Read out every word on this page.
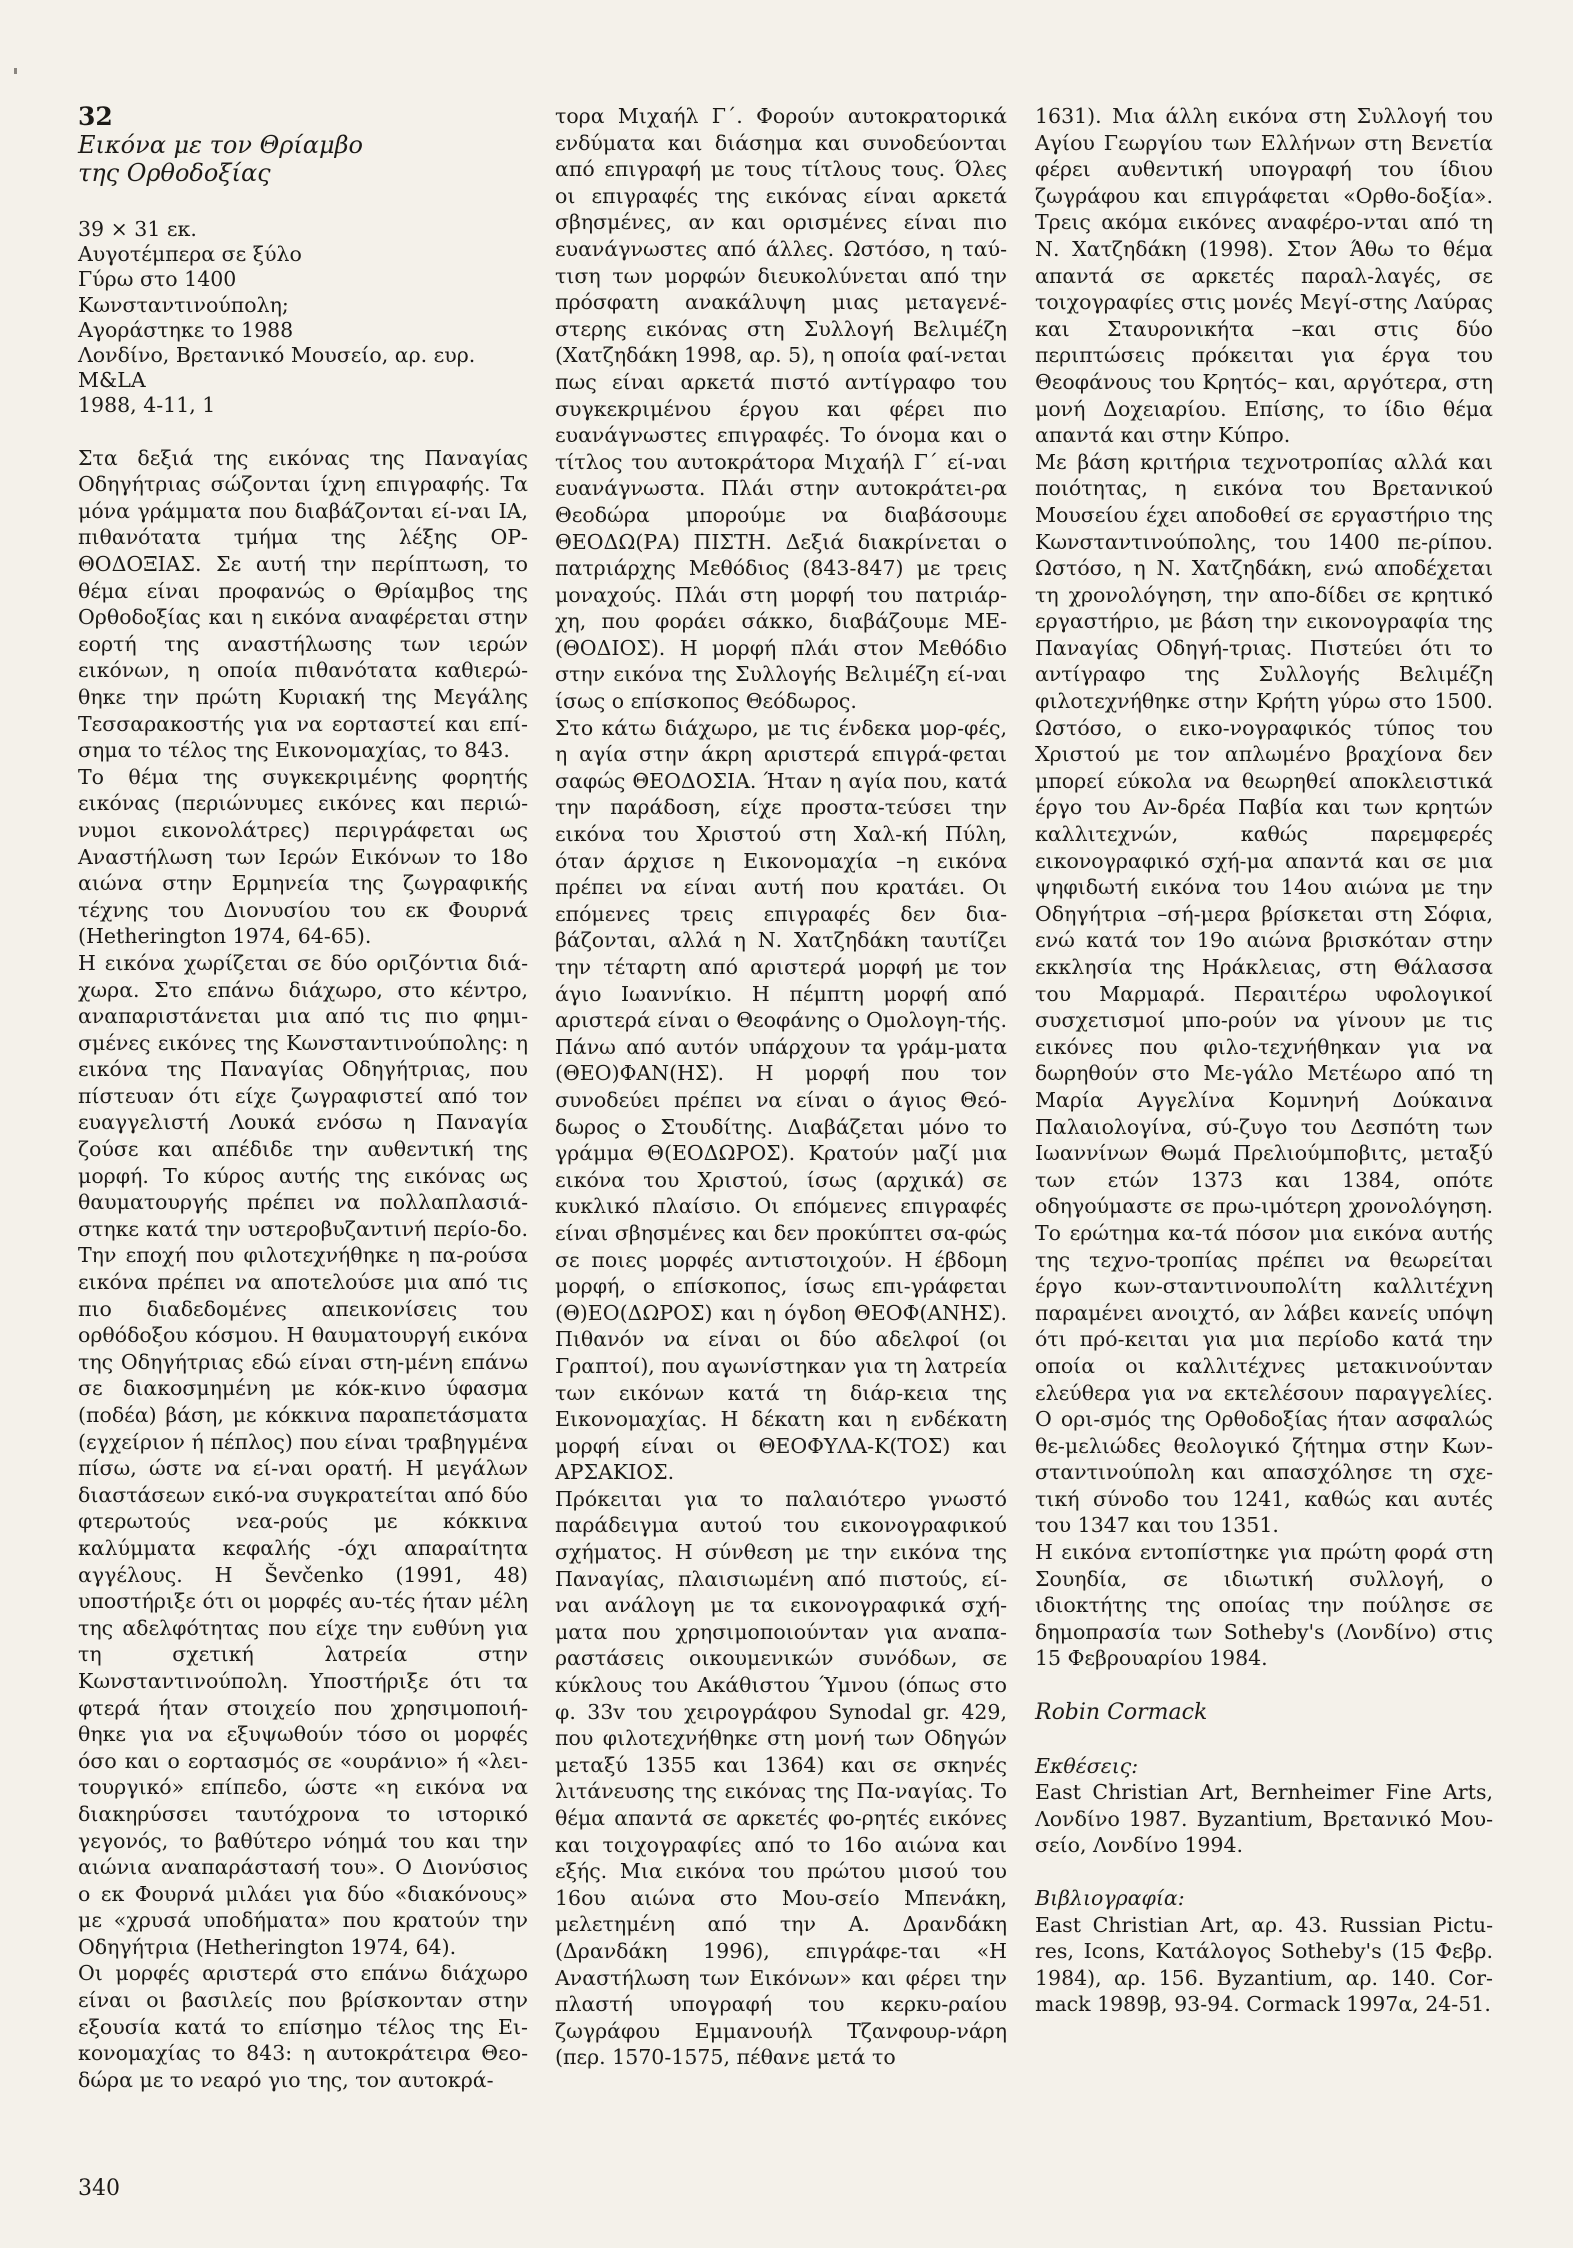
32

Εικόνα με τον Θρίαμβο

της Ορθοδοξίας

39 × 31 εκ.
Αυγοτέμπερα σε ξύλο
Γύρω στο 1400
Κωνσταντινούπολη;
Αγοράστηκε το 1988
Λονδίνο, Βρετανικό Μουσείο, αρ. ευρ. M&LA
1988, 4-11, 1

Στα δεξιά της εικόνας της Παναγίας Οδηγήτριας σώζονται ίχνη επιγραφής. Τα μόνα γράμματα που διαβάζονται εί-ναι ΙΑ, πιθανότατα τμήμα της λέξης ΟΡ-ΘΟΔΟΞΙΑΣ. Σε αυτή την περίπτωση, το θέμα είναι προφανώς ο Θρίαμβος της Ορθοδοξίας και η εικόνα αναφέρεται στην εορτή της αναστήλωσης των ιερών εικόνων, η οποία πιθανότατα καθιερώ-θηκε την πρώτη Κυριακή της Μεγάλης Τεσσαρακοστής για να εορταστεί και επί-σημα το τέλος της Εικονομαχίας, το 843.

Το θέμα της συγκεκριμένης φορητής εικόνας (περιώνυμες εικόνες και περιώ-νυμοι εικονολάτρες) περιγράφεται ως Αναστήλωση των Ιερών Εικόνων το 18ο αιώνα στην Ερμηνεία της ζωγραφικής τέχνης του Διονυσίου του εκ Φουρνά (Hetherington 1974, 64-65).

Η εικόνα χωρίζεται σε δύο οριζόντια διά-χωρα. Στο επάνω διάχωρο, στο κέντρο, αναπαριστάνεται μια από τις πιο φημι-σμένες εικόνες της Κωνσταντινούπολης: η εικόνα της Παναγίας Οδηγήτριας, που πίστευαν ότι είχε ζωγραφιστεί από τον ευαγγελιστή Λουκά ενόσω η Παναγία ζούσε και απέδιδε την αυθεντική της μορφή. Το κύρος αυτής της εικόνας ως θαυματουργής πρέπει να πολλαπλασιά-στηκε κατά την υστεροβυζαντινή περίο-δο. Την εποχή που φιλοτεχνήθηκε η πα-ρούσα εικόνα πρέπει να αποτελούσε μια από τις πιο διαδεδομένες απεικονίσεις του ορθόδοξου κόσμου. Η θαυματουργή εικόνα της Οδηγήτριας εδώ είναι στη-μένη επάνω σε διακοσμημένη με κόκ-κινο ύφασμα (ποδέα) βάση, με κόκκινα παραπετάσματα (εγχείριον ή πέπλος) που είναι τραβηγμένα πίσω, ώστε να εί-ναι ορατή. Η μεγάλων διαστάσεων εικό-να συγκρατείται από δύο φτερωτούς νεα-ρούς με κόκκινα καλύμματα κεφαλής -όχι απαραίτητα αγγέλους. Η Ševčenko (1991, 48) υποστήριξε ότι οι μορφές αυ-τές ήταν μέλη της αδελφότητας που είχε την ευθύνη για τη σχετική λατρεία στην Κωνσταντινούπολη. Υποστήριξε ότι τα φτερά ήταν στοιχείο που χρησιμοποιή-θηκε για να εξυψωθούν τόσο οι μορφές όσο και ο εορτασμός σε «ουράνιο» ή «λει-τουργικό» επίπεδο, ώστε «η εικόνα να διακηρύσσει ταυτόχρονα το ιστορικό γεγονός, το βαθύτερο νόημά του και την αιώνια αναπαράστασή του». Ο Διονύσιος ο εκ Φουρνά μιλάει για δύο «διακόνους» με «χρυσά υποδήματα» που κρατούν την Οδηγήτρια (Hetherington 1974, 64).

Οι μορφές αριστερά στο επάνω διάχωρο είναι οι βασιλείς που βρίσκονταν στην εξουσία κατά το επίσημο τέλος της Ει-κονομαχίας το 843: η αυτοκράτειρα Θεο-δώρα με το νεαρό γιο της, τον αυτοκρά-

τορα Μιχαήλ Γ΄. Φορούν αυτοκρατορικά ενδύματα και διάσημα και συνοδεύονται από επιγραφή με τους τίτλους τους. Όλες οι επιγραφές της εικόνας είναι αρκετά σβησμένες, αν και ορισμένες είναι πιο ευανάγνωστες από άλλες. Ωστόσο, η ταύ-τιση των μορφών διευκολύνεται από την πρόσφατη ανακάλυψη μιας μεταγενέ-στερης εικόνας στη Συλλογή Βελιμέζη (Χατζηδάκη 1998, αρ. 5), η οποία φαί-νεται πως είναι αρκετά πιστό αντίγραφο του συγκεκριμένου έργου και φέρει πιο ευανάγνωστες επιγραφές. Το όνομα και ο τίτλος του αυτοκράτορα Μιχαήλ Γ΄ εί-ναι ευανάγνωστα. Πλάι στην αυτοκράτει-ρα Θεοδώρα μπορούμε να διαβάσουμε ΘΕΟΔΩ(ΡΑ) ΠΙΣΤΗ. Δεξιά διακρίνεται ο πατριάρχης Μεθόδιος (843-847) με τρεις μοναχούς. Πλάι στη μορφή του πατριάρ-χη, που φοράει σάκκο, διαβάζουμε ΜΕ-(ΘΟΔΙΟΣ). Η μορφή πλάι στον Μεθόδιο στην εικόνα της Συλλογής Βελιμέζη εί-ναι ίσως ο επίσκοπος Θεόδωρος.

Στο κάτω διάχωρο, με τις ένδεκα μορ-φές, η αγία στην άκρη αριστερά επιγρά-φεται σαφώς ΘΕΟΔΟΣΙΑ. Ήταν η αγία που, κατά την παράδοση, είχε προστα-τεύσει την εικόνα του Χριστού στη Χαλ-κή Πύλη, όταν άρχισε η Εικονομαχία –η εικόνα πρέπει να είναι αυτή που κρατάει. Οι επόμενες τρεις επιγραφές δεν δια-βάζονται, αλλά η Ν. Χατζηδάκη ταυτίζει την τέταρτη από αριστερά μορφή με τον άγιο Ιωαννίκιο. Η πέμπτη μορφή από αριστερά είναι ο Θεοφάνης ο Ομολογη-τής. Πάνω από αυτόν υπάρχουν τα γράμ-ματα (ΘΕΟ)ΦΑΝ(ΗΣ). Η μορφή που τον συνοδεύει πρέπει να είναι ο άγιος Θεό-δωρος ο Στουδίτης. Διαβάζεται μόνο το γράμμα Θ(ΕΟΔΩΡΟΣ). Κρατούν μαζί μια εικόνα του Χριστού, ίσως (αρχικά) σε κυκλικό πλαίσιο. Οι επόμενες επιγραφές είναι σβησμένες και δεν προκύπτει σα-φώς σε ποιες μορφές αντιστοιχούν. Η έβδομη μορφή, ο επίσκοπος, ίσως επι-γράφεται (Θ)ΕΟ(ΔΩΡΟΣ) και η όγδοη ΘΕΟΦ(ΑΝΗΣ). Πιθανόν να είναι οι δύο αδελφοί (οι Γραπτοί), που αγωνίστηκαν για τη λατρεία των εικόνων κατά τη διάρ-κεια της Εικονομαχίας. Η δέκατη και η ενδέκατη μορφή είναι οι ΘΕΟΦΥΛΑ-Κ(ΤΟΣ) και ΑΡΣΑΚΙΟΣ.

Πρόκειται για το παλαιότερο γνωστό παράδειγμα αυτού του εικονογραφικού σχήματος. Η σύνθεση με την εικόνα της Παναγίας, πλαισιωμένη από πιστούς, εί-ναι ανάλογη με τα εικονογραφικά σχή-ματα που χρησιμοποιούνταν για αναπα-ραστάσεις οικουμενικών συνόδων, σε κύκλους του Ακάθιστου Ύμνου (όπως στο φ. 33v του χειρογράφου Synodal gr. 429, που φιλοτεχνήθηκε στη μονή των Οδηγών μεταξύ 1355 και 1364) και σε σκηνές λιτάνευσης της εικόνας της Πα-ναγίας. Το θέμα απαντά σε αρκετές φο-ρητές εικόνες και τοιχογραφίες από το 16ο αιώνα και εξής. Μια εικόνα του πρώτου μισού του 16ου αιώνα στο Μου-σείο Μπενάκη, μελετημένη από την Α. Δρανδάκη (Δρανδάκη 1996), επιγράφε-ται «Η Αναστήλωση των Εικόνων» και φέρει την πλαστή υπογραφή του κερκυ-ραίου ζωγράφου Εμμανουήλ Τζανφουρ-νάρη (περ. 1570-1575, πέθανε μετά το

1631). Μια άλλη εικόνα στη Συλλογή του Αγίου Γεωργίου των Ελλήνων στη Βενετία φέρει αυθεντική υπογραφή του ίδιου ζωγράφου και επιγράφεται «Ορθο-δοξία». Τρεις ακόμα εικόνες αναφέρο-νται από τη Ν. Χατζηδάκη (1998). Στον Άθω το θέμα απαντά σε αρκετές παραλ-λαγές, σε τοιχογραφίες στις μονές Μεγί-στης Λαύρας και Σταυρονικήτα –και στις δύο περιπτώσεις πρόκειται για έργα του Θεοφάνους του Κρητός– και, αργότερα, στη μονή Δοχειαρίου. Επίσης, το ίδιο θέμα απαντά και στην Κύπρο.

Με βάση κριτήρια τεχνοτροπίας αλλά και ποιότητας, η εικόνα του Βρετανικού Μουσείου έχει αποδοθεί σε εργαστήριο της Κωνσταντινούπολης, του 1400 πε-ρίπου. Ωστόσο, η Ν. Χατζηδάκη, ενώ αποδέχεται τη χρονολόγηση, την απο-δίδει σε κρητικό εργαστήριο, με βάση την εικονογραφία της Παναγίας Οδηγή-τριας. Πιστεύει ότι το αντίγραφο της Συλλογής Βελιμέζη φιλοτεχνήθηκε στην Κρήτη γύρω στο 1500. Ωστόσο, ο εικο-νογραφικός τύπος του Χριστού με τον απλωμένο βραχίονα δεν μπορεί εύκολα να θεωρηθεί αποκλειστικά έργο του Αν-δρέα Παβία και των κρητών καλλιτεχνών, καθώς παρεμφερές εικονογραφικό σχή-μα απαντά και σε μια ψηφιδωτή εικόνα του 14ου αιώνα με την Οδηγήτρια –σή-μερα βρίσκεται στη Σόφια, ενώ κατά τον 19ο αιώνα βρισκόταν στην εκκλησία της Ηράκλειας, στη Θάλασσα του Μαρμαρά. Περαιτέρω υφολογικοί συσχετισμοί μπο-ρούν να γίνουν με τις εικόνες που φιλο-τεχνήθηκαν για να δωρηθούν στο Με-γάλο Μετέωρο από τη Μαρία Αγγελίνα Κομνηνή Δούκαινα Παλαιολογίνα, σύ-ζυγο του Δεσπότη των Ιωαννίνων Θωμά Πρελιούμποβιτς, μεταξύ των ετών 1373 και 1384, οπότε οδηγούμαστε σε πρω-ιμότερη χρονολόγηση. Το ερώτημα κα-τά πόσον μια εικόνα αυτής της τεχνο-τροπίας πρέπει να θεωρείται έργο κων-σταντινουπολίτη καλλιτέχνη παραμένει ανοιχτό, αν λάβει κανείς υπόψη ότι πρό-κειται για μια περίοδο κατά την οποία οι καλλιτέχνες μετακινούνταν ελεύθερα για να εκτελέσουν παραγγελίες. Ο ορι-σμός της Ορθοδοξίας ήταν ασφαλώς θε-μελιώδες θεολογικό ζήτημα στην Κων-σταντινούπολη και απασχόλησε τη σχε-τική σύνοδο του 1241, καθώς και αυτές του 1347 και του 1351.

Η εικόνα εντοπίστηκε για πρώτη φορά στη Σουηδία, σε ιδιωτική συλλογή, ο ιδιοκτήτης της οποίας την πούλησε σε δημοπρασία των Sotheby's (Λονδίνο) στις 15 Φεβρουαρίου 1984.

Robin Cormack

Εκθέσεις:

East Christian Art, Bernheimer Fine Arts, Λονδίνο 1987. Byzantium, Βρετανικό Μου-σείο, Λονδίνο 1994.

Βιβλιογραφία:

East Christian Art, αρ. 43. Russian Pictu-res, Icons, Κατάλογος Sotheby's (15 Φεβρ. 1984), αρ. 156. Byzantium, αρ. 140. Cor-mack 1989β, 93-94. Cormack 1997α, 24-51.

340
